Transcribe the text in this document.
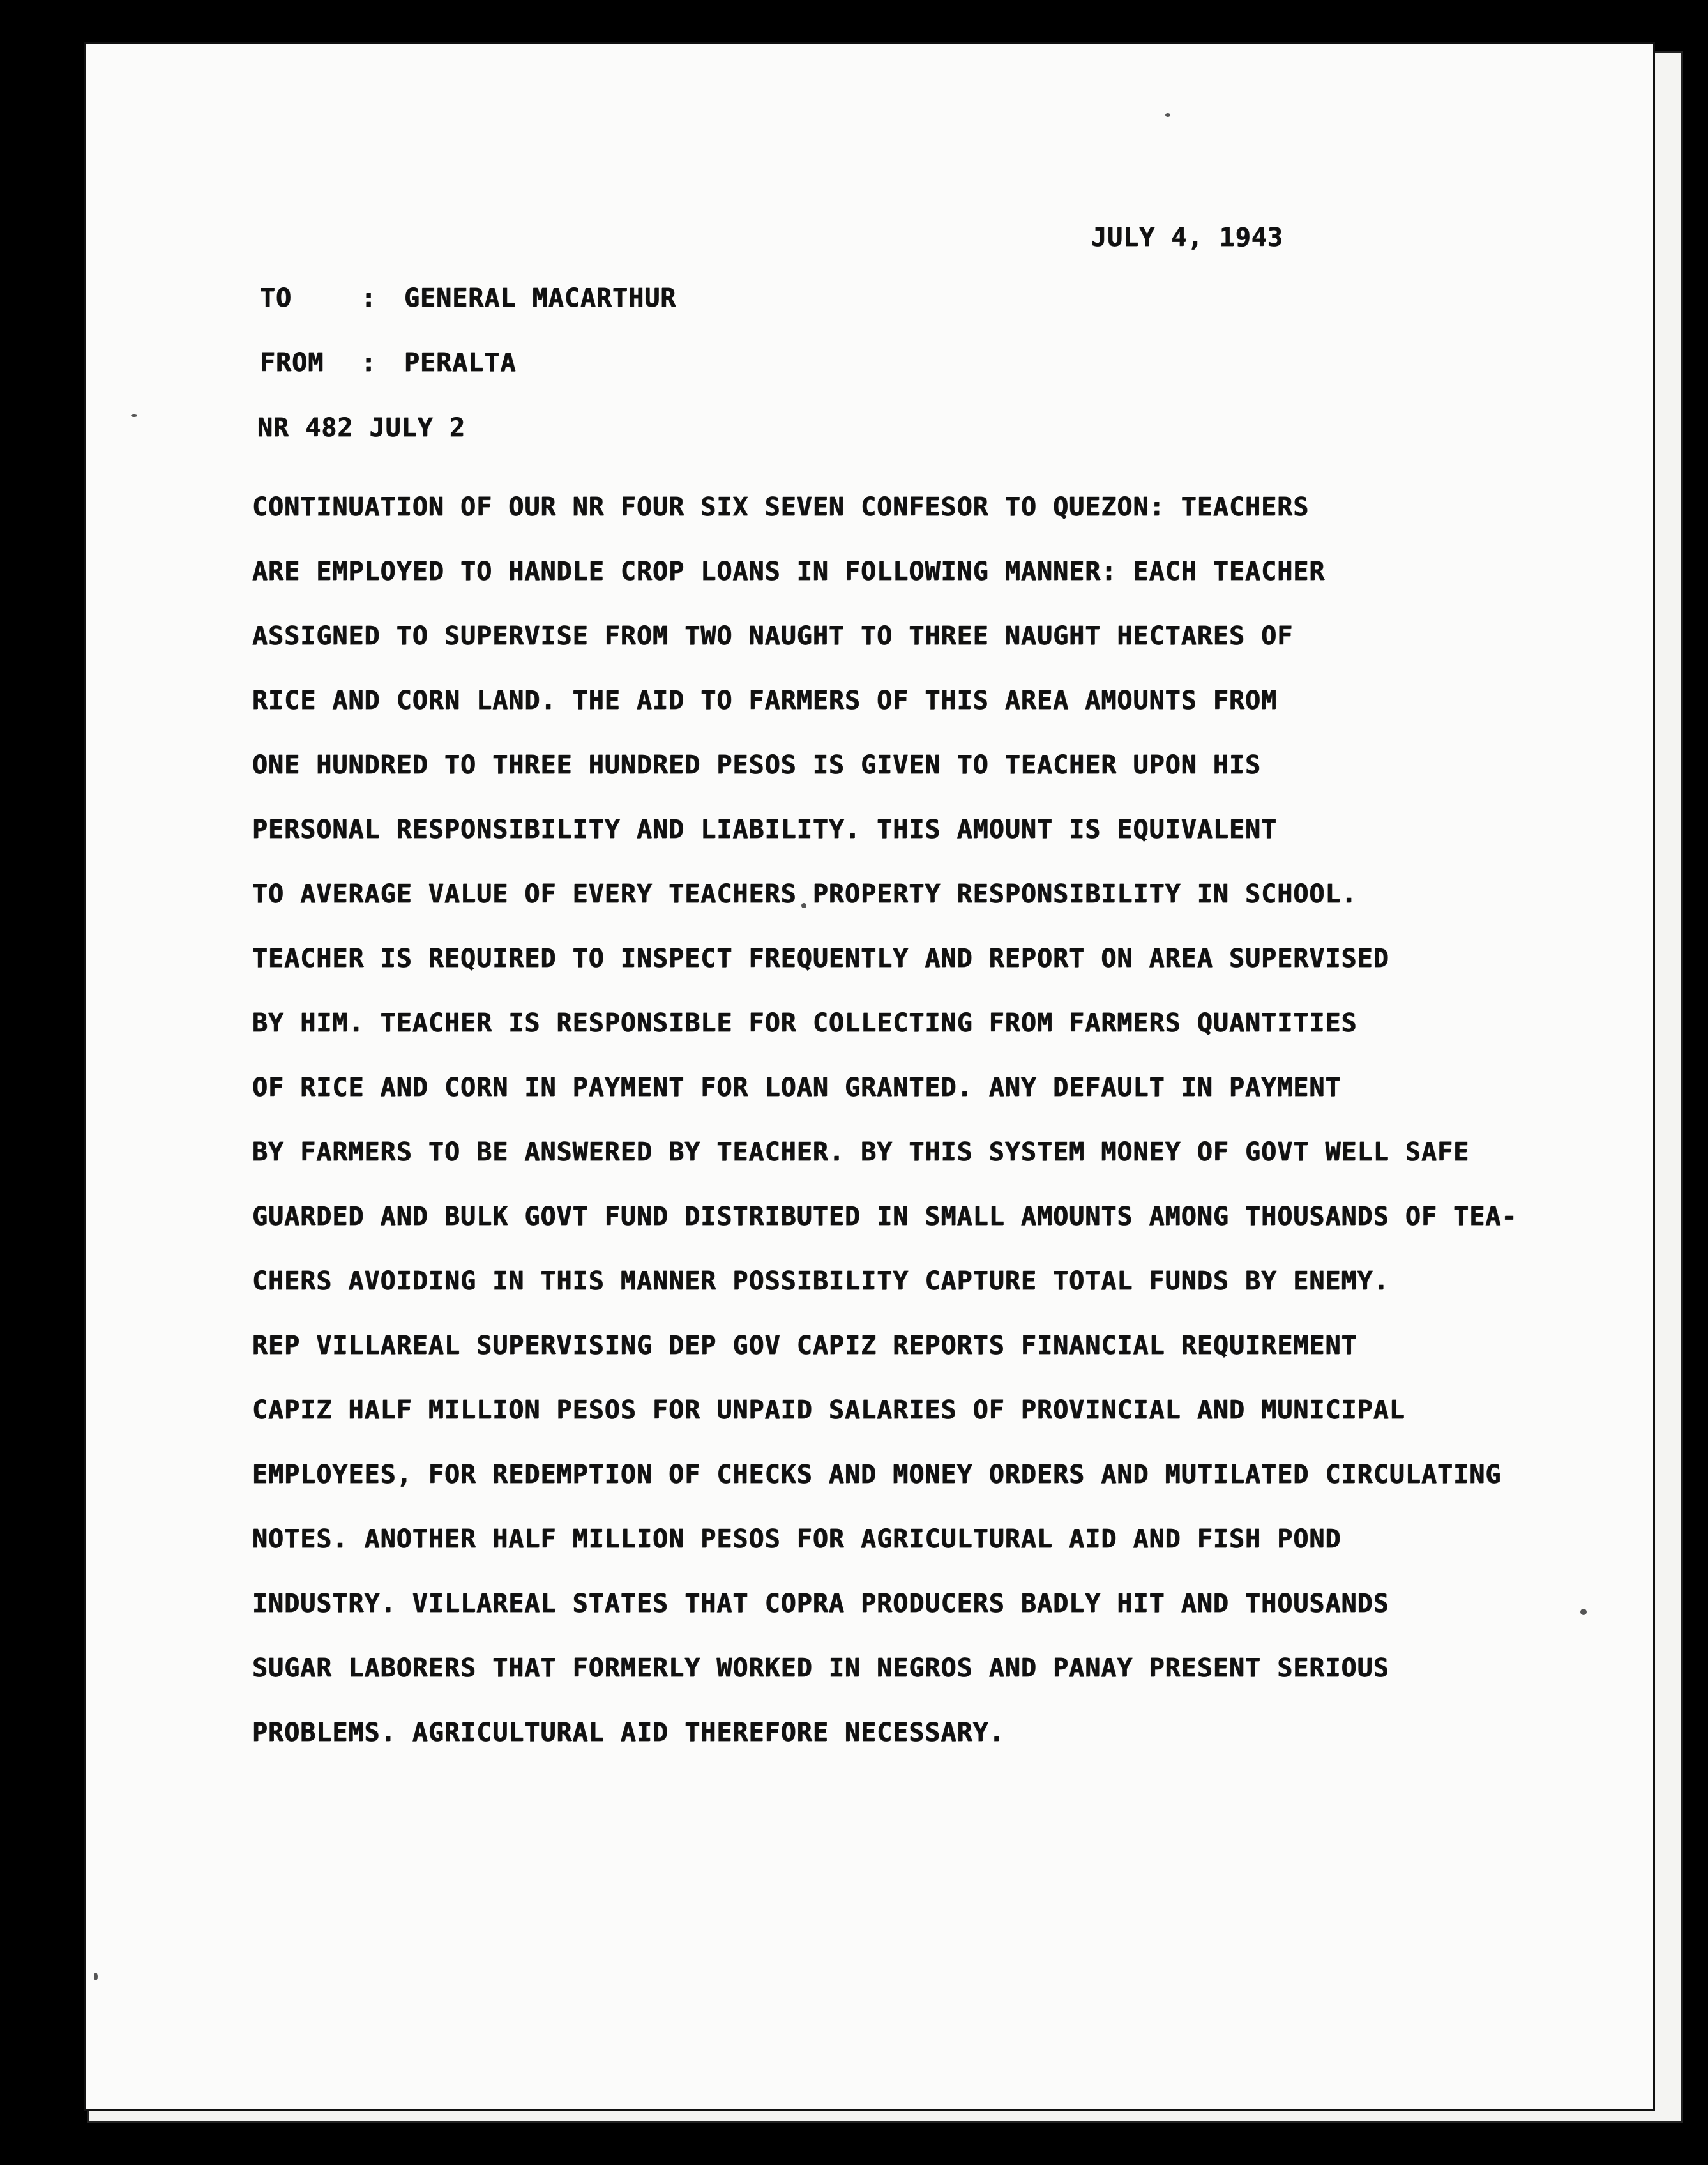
JULY 4, 1943
TO	: GENERAL MACARTHUR
FROM : PERALTA
NR 482 JULY 2
CONTINUATION OF OUR NR FOUR SIX SEVEN CONFESOR TO QUEZON: TEACHERS
ARE EMPLOYED TO HANDLE CROP LOANS IN FOLLOWING MANNER: EACH TEACHER
ASSIGNED TO SUPERVISE FROM TWO NAUGHT TO THREE NAUGHT HECTARES OF
RICE AND CORN LAND. THE AID TO FARMERS OF THIS AREA AMOUNTS FROM
ONE HUNDRED TO THREE HUNDRED PESOS IS GIVEN TO TEACHER UPON HIS
PERSONAL RESPONSIBILITY AND LIABILITY. THIS AMOUNT IS EQUIVALENT
TO AVERAGE VALUE OF EVERY TEACHERS PROPERTY RESPONSIBILITY IN SCHOOL.
TEACHER IS REQUIRED TO INSPECT FREQUENTLY AND REPORT ON AREA SUPERVISED
BY HIM. TEACHER IS RESPONSIBLE FOR COLLECTING FROM FARMERS QUANTITIES
OF RICE AND CORN IN PAYMENT FOR LOAN GRANTED. ANY DEFAULT IN PAYMENT
BY FARMERS TO BE ANSWERED BY TEACHER. BY THIS SYSTEM MONEY OF GOVT WELL SAFE
GUARDED AND BULK GOVT FUND DISTRIBUTED IN SMALL AMOUNTS AMONG THOUSANDS OF TEA-
CHERS AVOIDING IN THIS MANNER POSSIBILITY CAPTURE TOTAL FUNDS BY ENEMY.
REP VILLAREAL SUPERVISING DEP GOV CAPIZ REPORTS FINANCIAL REQUIREMENT
CAPIZ HALF MILLION PESOS FOR UNPAID SALARIES OF PROVINCIAL AND MUNICIPAL
EMPLOYEES, FOR REDEMPTION OF CHECKS AND MONEY ORDERS AND MUTILATED CIRCULATING
NOTES. ANOTHER HALF MILLION PESOS FOR AGRICULTURAL AID AND FISH POND
INDUSTRY. VILLAREAL STATES THAT COPRA PRODUCERS BADLY HIT AND THOUSANDS
SUGAR LABORERS THAT FORMERLY WORKED IN NEGROS AND PANAY PRESENT SERIOUS
PROBLEMS. AGRICULTURAL AID THEREFORE NECESSARY.
